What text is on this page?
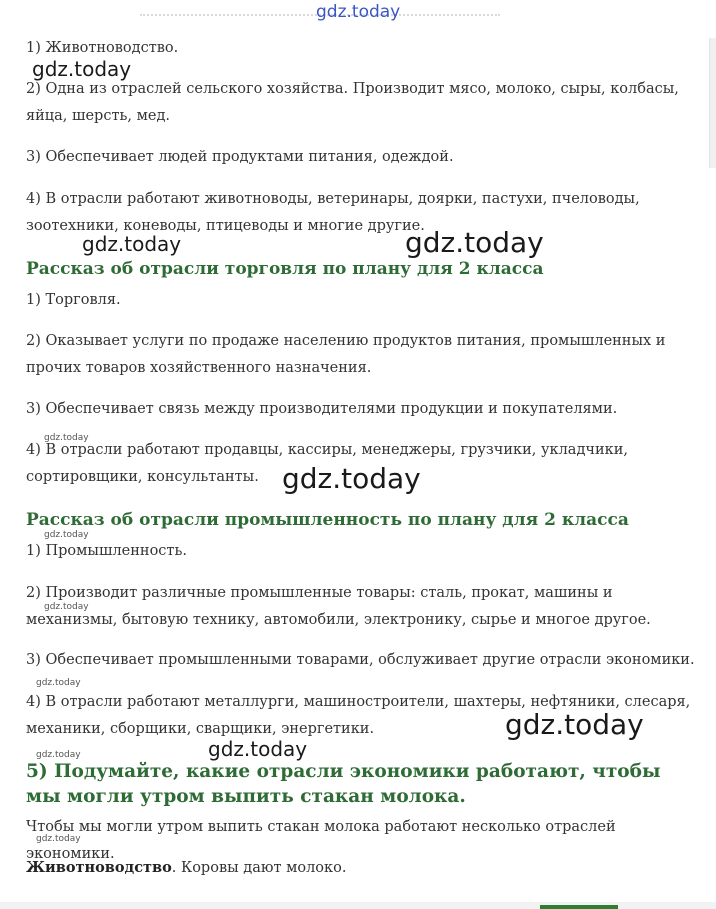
gdz.today

1) Животноводство.

2) Одна из отраслей сельского хозяйства. Производит мясо, молоко, сыры, колбасы, яйца, шерсть, мед.

3) Обеспечивает людей продуктами питания, одеждой.

4) В отрасли работают животноводы, ветеринары, доярки, пастухи, пчеловоды, зоотехники, коневоды, птицеводы и многие другие.

Рассказ об отрасли торговля по плану для 2 класса

1) Торговля.

2) Оказывает услуги по продаже населению продуктов питания, промышленных и прочих товаров хозяйственного назначения.

3) Обеспечивает связь между производителями продукции и покупателями.

4) В отрасли работают продавцы, кассиры, менеджеры, грузчики, укладчики, сортировщики, консультанты.

Рассказ об отрасли промышленность по плану для 2 класса

1) Промышленность.

2) Производит различные промышленные товары: сталь, прокат, машины и механизмы, бытовую технику, автомобили, электронику, сырье и многое другое.

3) Обеспечивает промышленными товарами, обслуживает другие отрасли экономики.

4) В отрасли работают металлурги, машиностроители, шахтеры, нефтяники, слесаря, механики, сборщики, сварщики, энергетики.

5) Подумайте, какие отрасли экономики работают, чтобы мы могли утром выпить стакан молока.

Чтобы мы могли утром выпить стакан молока работают несколько отраслей экономики.

Животноводство. Коровы дают молоко.

gdz.today
gdz.today	gdz.today
gdz.today
gdz.today
gdz.today
gdz.today
gdz.today
gdz.today
gdz.today
gdz.today
gdz.today
